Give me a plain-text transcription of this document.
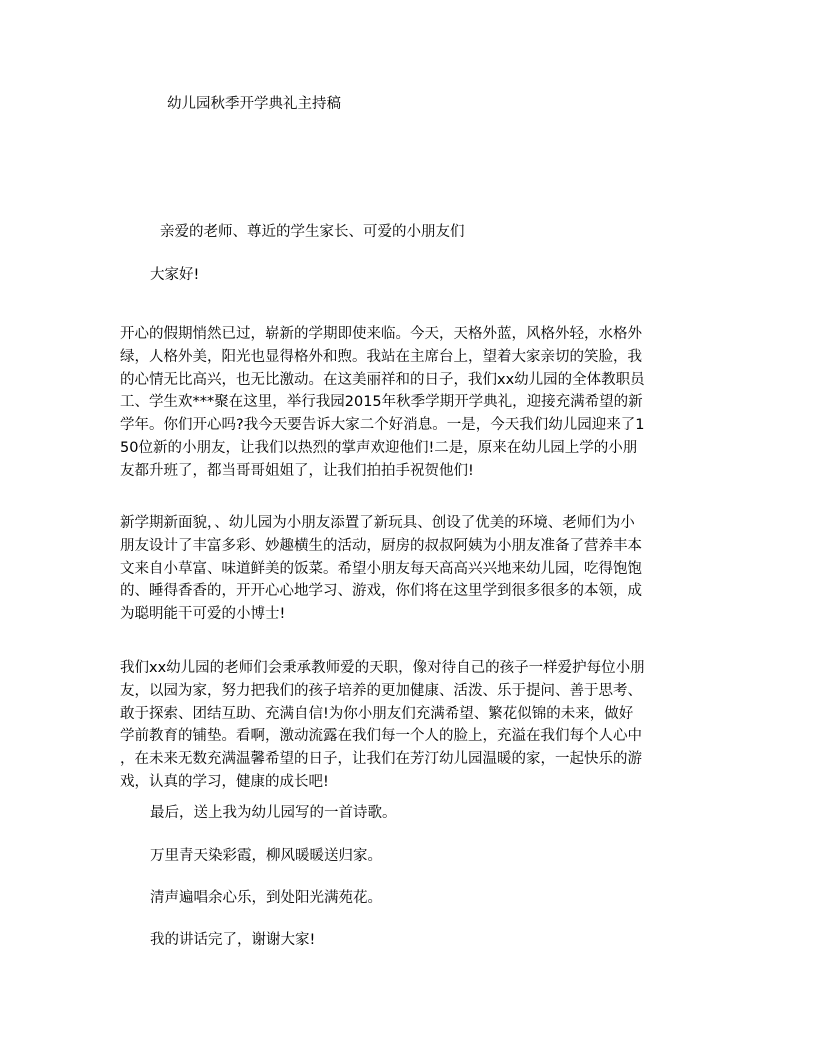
幼儿园秋季开学典礼主持稿
亲爱的老师、尊近的学生家长、可爱的小朋友们
大家好!
开心的假期悄然已过，崭新的学期即使来临。今天，天格外蓝，风格外轻，水格外
绿，人格外美，阳光也显得格外和煦。我站在主席台上，望着大家亲切的笑脸，我
的心情无比高兴，也无比激动。在这美丽祥和的日子，我们xx幼儿园的全体教职员
工、学生欢***聚在这里，举行我园2015年秋季学期开学典礼，迎接充满希望的新
学年。你们开心吗?我今天要告诉大家二个好消息。一是，今天我们幼儿园迎来了1
50位新的小朋友，让我们以热烈的掌声欢迎他们!二是，原来在幼儿园上学的小朋
友都升班了，都当哥哥姐姐了，让我们拍拍手祝贺他们!
新学期新面貌，、幼儿园为小朋友添置了新玩具、创设了优美的环境、老师们为小
朋友设计了丰富多彩、妙趣横生的活动，厨房的叔叔阿姨为小朋友准备了营养丰本
文来自小草富、味道鲜美的饭菜。希望小朋友每天高高兴兴地来幼儿园，吃得饱饱
的、睡得香香的，开开心心地学习、游戏，你们将在这里学到很多很多的本领，成
为聪明能干可爱的小博士!
我们xx幼儿园的老师们会秉承教师爱的天职，像对待自己的孩子一样爱护每位小朋
友，以园为家，努力把我们的孩子培养的更加健康、活泼、乐于提问、善于思考、
敢于探索、团结互助、充满自信!为你小朋友们充满希望、繁花似锦的未来，做好
学前教育的铺垫。看啊，激动流露在我们每一个人的脸上，充溢在我们每个人心中
，在未来无数充满温馨希望的日子，让我们在芳汀幼儿园温暖的家，一起快乐的游
戏，认真的学习，健康的成长吧!
最后，送上我为幼儿园写的一首诗歌。
万里青天染彩霞，柳风暖暖送归家。
清声遍唱余心乐，到处阳光满苑花。
我的讲话完了，谢谢大家!
